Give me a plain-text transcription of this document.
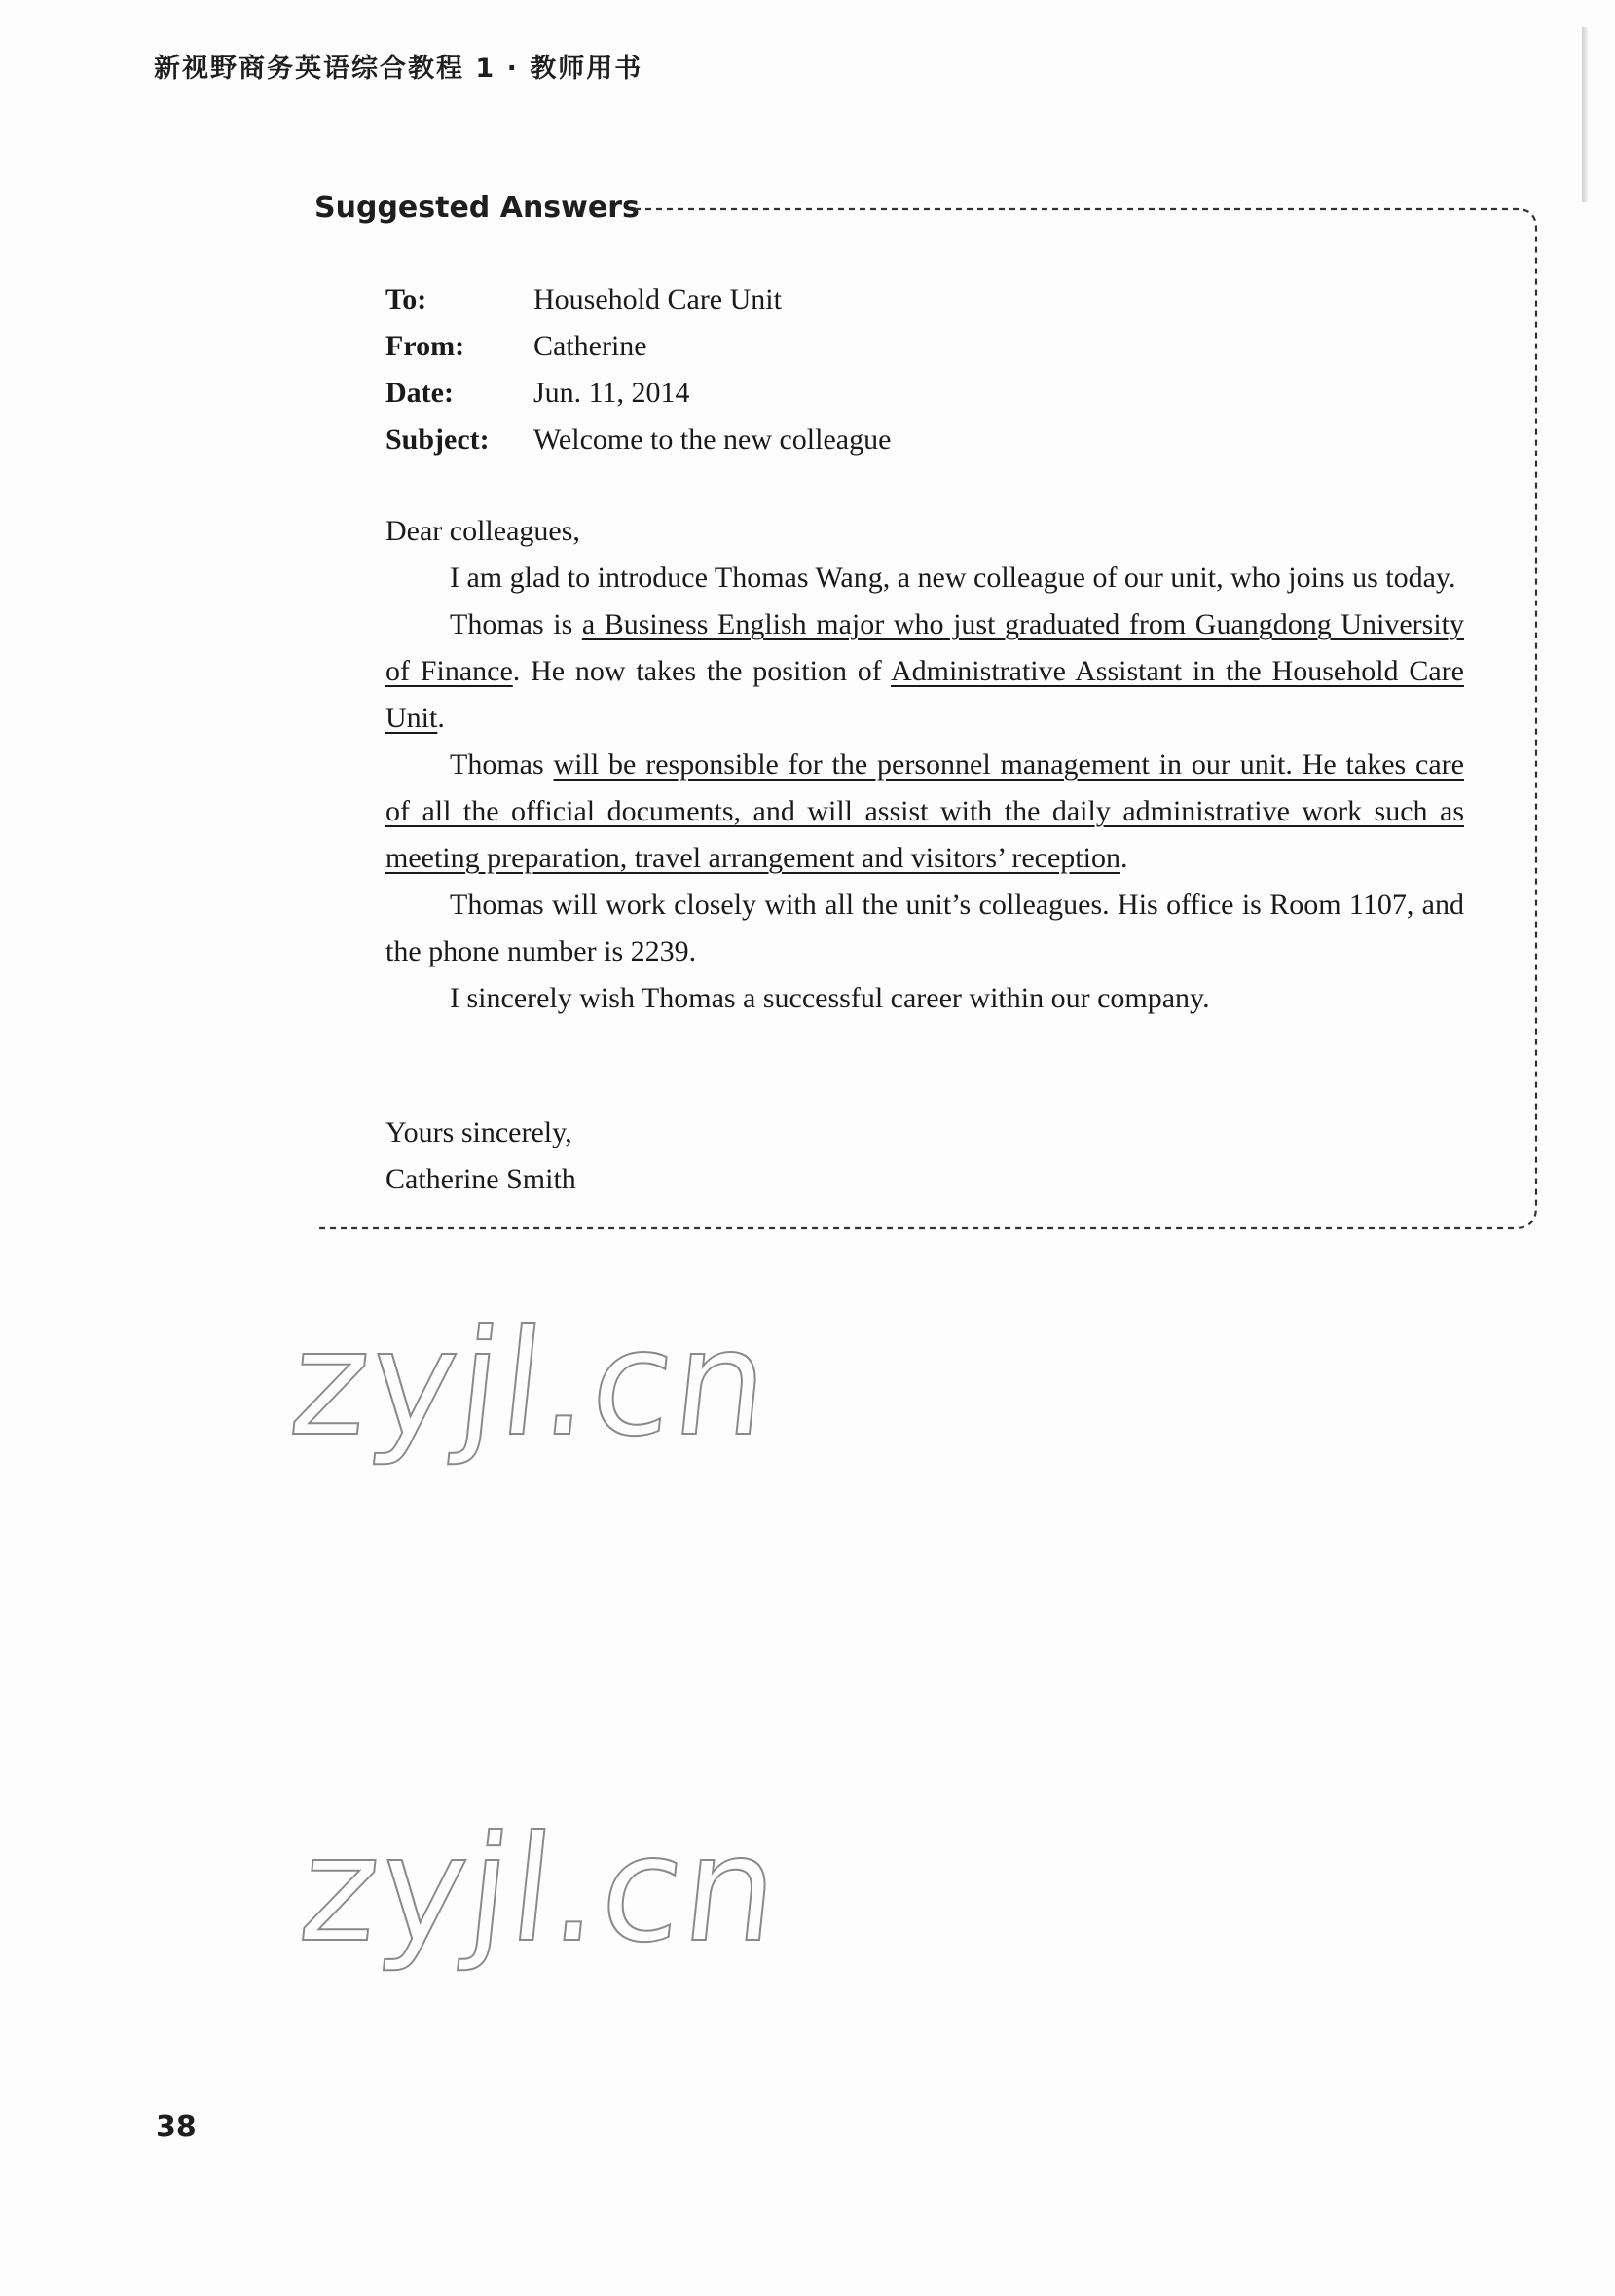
新视野商务英语综合教程 1 · 教师用书
Suggested Answers
To:	Household Care Unit
From: Catherine
Date:	Jun. 11, 2014
Subject: Welcome to the new colleague

Dear colleagues,

I am glad to introduce Thomas Wang, a new colleague of our unit, who joins us today.

Thomas is a Business English major who just graduated from Guangdong University of Finance. He now takes the position of Administrative Assistant in the Household Care Unit.

Thomas will be responsible for the personnel management in our unit. He takes care of all the official documents, and will assist with the daily administrative work such as meeting preparation, travel arrangement and visitors’ reception.

Thomas will work closely with all the unit’s colleagues. His office is Room 1107, and the phone number is 2239.

I sincerely wish Thomas a successful career within our company.

Yours sincerely,
Catherine Smith
zyjl.cn
zyjl.cn
38
